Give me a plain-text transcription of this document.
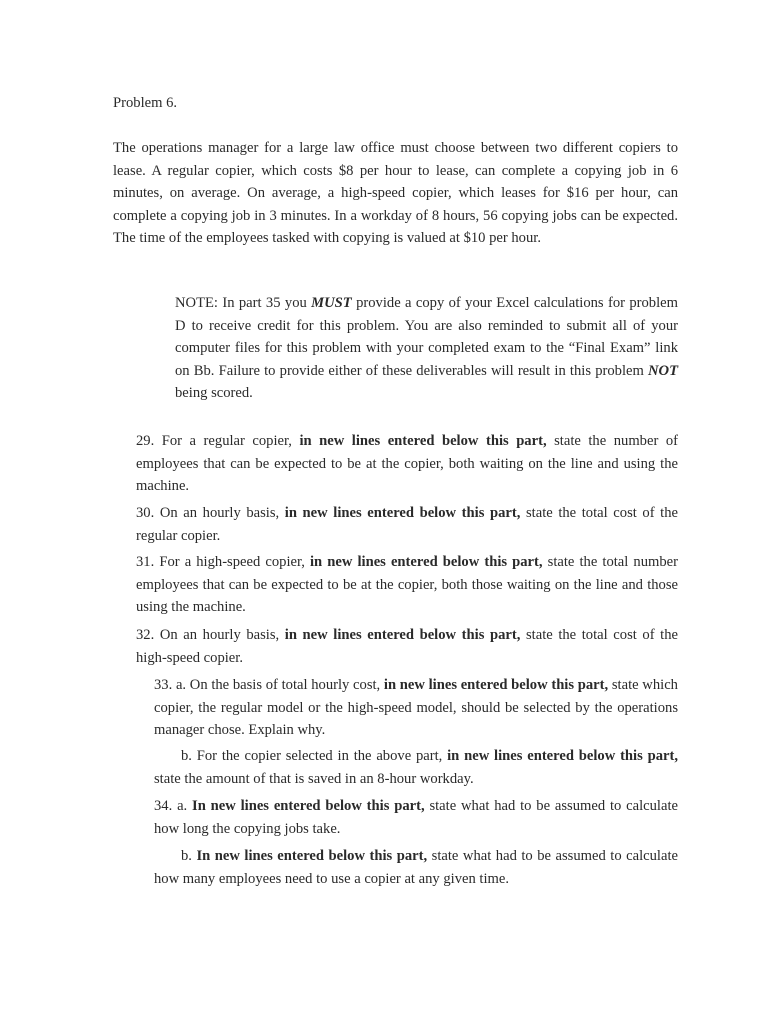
Problem 6.
The operations manager for a large law office must choose between two different copiers to lease. A regular copier, which costs $8 per hour to lease, can complete a copying job in 6 minutes, on average. On average, a high-speed copier, which leases for $16 per hour, can complete a copying job in 3 minutes. In a workday of 8 hours, 56 copying jobs can be expected. The time of the employees tasked with copying is valued at $10 per hour.
NOTE: In part 35 you MUST provide a copy of your Excel calculations for problem D to receive credit for this problem. You are also reminded to submit all of your computer files for this problem with your completed exam to the “Final Exam” link on Bb. Failure to provide either of these deliverables will result in this problem NOT being scored.
29. For a regular copier, in new lines entered below this part, state the number of employees that can be expected to be at the copier, both waiting on the line and using the machine.
30. On an hourly basis, in new lines entered below this part, state the total cost of the regular copier.
31. For a high-speed copier, in new lines entered below this part, state the total number employees that can be expected to be at the copier, both those waiting on the line and those using the machine.
32. On an hourly basis, in new lines entered below this part, state the total cost of the high-speed copier.
33. a. On the basis of total hourly cost, in new lines entered below this part, state which copier, the regular model or the high-speed model, should be selected by the operations manager chose. Explain why.
b. For the copier selected in the above part, in new lines entered below this part, state the amount of that is saved in an 8-hour workday.
34. a. In new lines entered below this part, state what had to be assumed to calculate how long the copying jobs take.
b. In new lines entered below this part, state what had to be assumed to calculate how many employees need to use a copier at any given time.
